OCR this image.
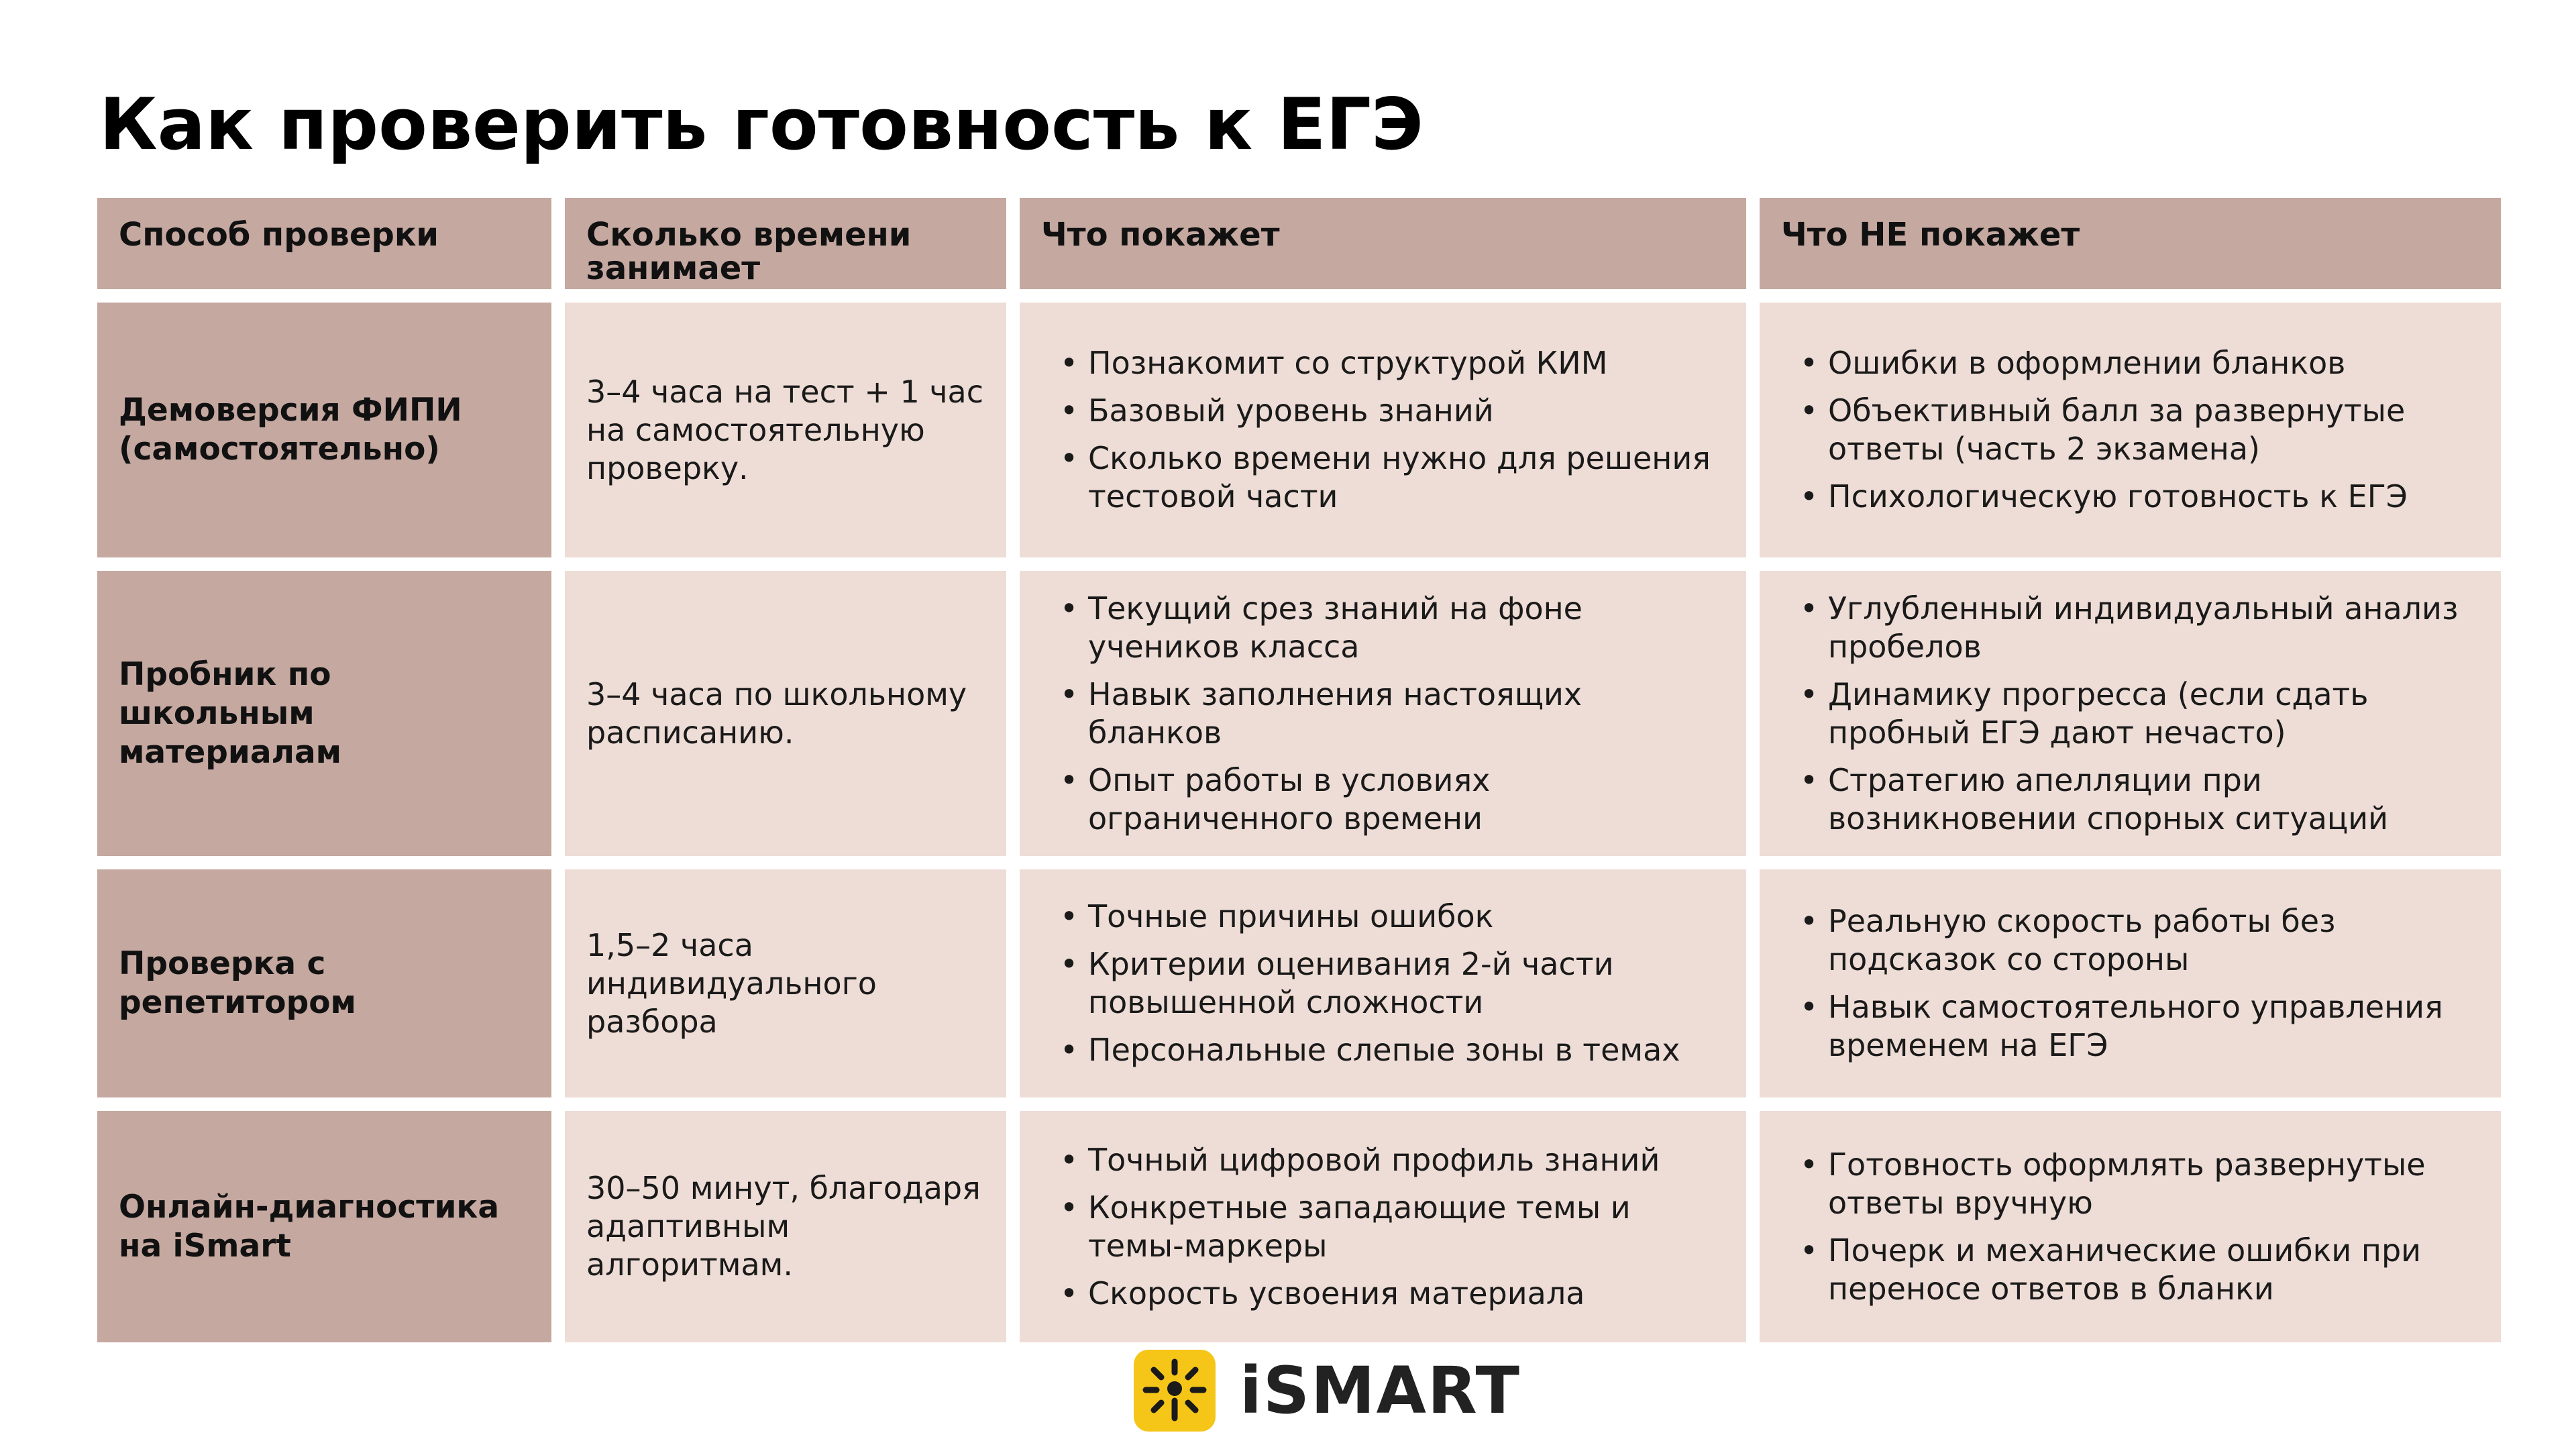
Как проверить готовность к ЕГЭ
Способ проверки	Сколько времени занимает
Что покажет	Что НЕ покажет
Демоверсия ФИПИ (самостоятельно)
3–4 часа на тест + 1 час на самостоятельную проверку.
• Познакомит со структурой КИМ
• Базовый уровень знаний
• Сколько времени нужно для решения тестовой части
• Ошибки в оформлении бланков
• Объективный балл за развернутые ответы (часть 2 экзамена)
• Психологическую готовность к ЕГЭ
Пробник по школьным материалам
3–4 часа по школьному расписанию.
• Текущий срез знаний на фоне учеников класса
• Навык заполнения настоящих бланков
• Опыт работы в условиях ограниченного времени
• Углубленный индивидуальный анализ пробелов
• Динамику прогресса (если сдать пробный ЕГЭ дают нечасто)
• Стратегию апелляции при возникновении спорных ситуаций
Проверка с репетитором
1,5–2 часа индивидуального разбора
• Точные причины ошибок
• Критерии оценивания 2-й части повышенной сложности
• Персональные слепые зоны в темах
• Реальную скорость работы без подсказок со стороны
• Навык самостоятельного управления временем на ЕГЭ
Онлайн-диагностика на iSmart
30–50 минут, благодаря адаптивным алгоритмам.
• Точный цифровой профиль знаний
• Конкретные западающие темы и темы-маркеры
• Скорость усвоения материала
• Готовность оформлять развернутые ответы вручную
• Почерк и механические ошибки при переносе ответов в бланки
iSMART
